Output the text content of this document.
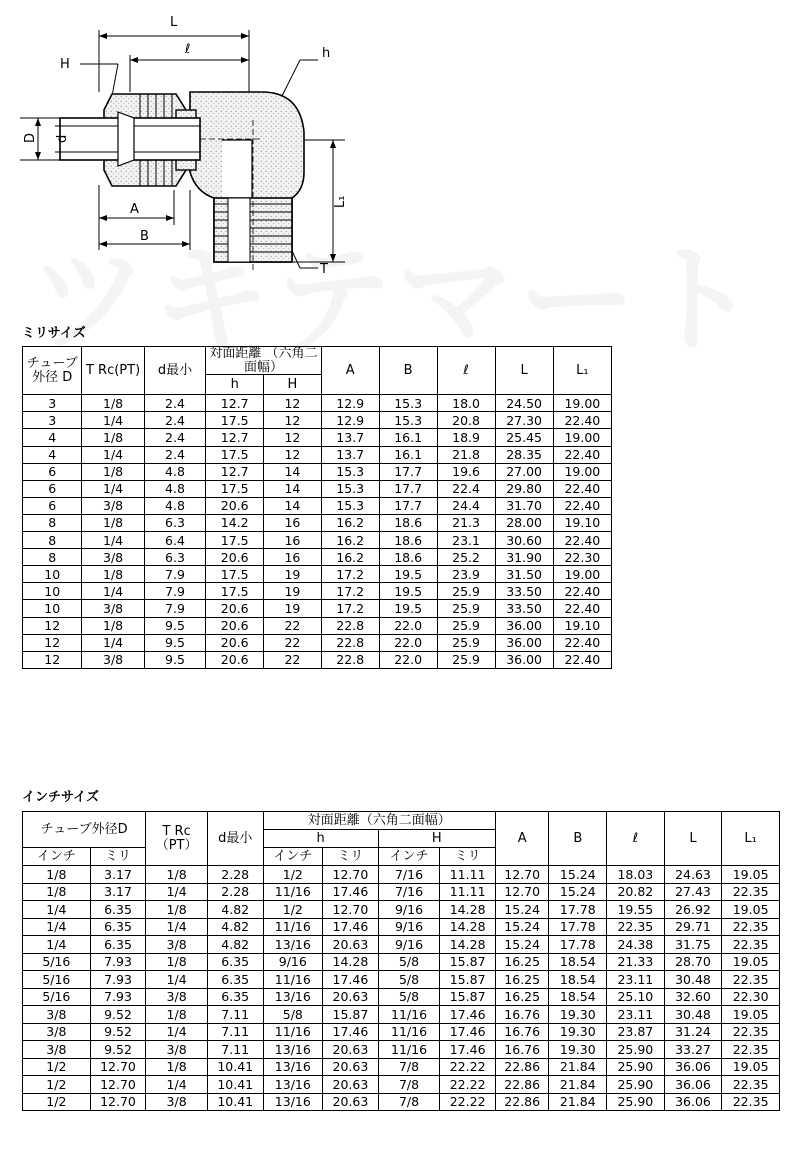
L
ℓ	h
H
D d
A
B
L₁
T
ミリサイズ
チューブ 外径 D	T Rc(PT)	d最小	対面距離 （六角二面幅）		A	B	ℓ	L	L₁
			h	H					
3	1/8	2.4	12.7	12	12.9	15.3	18.0	24.50	19.00
3	1/4	2.4	17.5	12	12.9	15.3	20.8	27.30	22.40
4	1/8	2.4	12.7	12	13.7	16.1	18.9	25.45	19.00
4	1/4	2.4	17.5	12	13.7	16.1	21.8	28.35	22.40
6	1/8	4.8	12.7	14	15.3	17.7	19.6	27.00	19.00
6	1/4	4.8	17.5	14	15.3	17.7	22.4	29.80	22.40
6	3/8	4.8	20.6	14	15.3	17.7	24.4	31.70	22.40
8	1/8	6.3	14.2	16	16.2	18.6	21.3	28.00	19.10
8	1/4	6.4	17.5	16	16.2	18.6	23.1	30.60	22.40
8	3/8	6.3	20.6	16	16.2	18.6	25.2	31.90	22.30
10	1/8	7.9	17.5	19	17.2	19.5	23.9	31.50	19.00
10	1/4	7.9	17.5	19	17.2	19.5	25.9	33.50	22.40
10	3/8	7.9	20.6	19	17.2	19.5	25.9	33.50	22.40
12	1/8	9.5	20.6	22	22.8	22.0	25.9	36.00	19.10
12	1/4	9.5	20.6	22	22.8	22.0	25.9	36.00	22.40
12	3/8	9.5	20.6	22	22.8	22.0	25.9	36.00	22.40
インチサイズ
チューブ外径D		T Rc（PT）	d最小	対面距離（六角二面幅）				A	B	ℓ	L	L₁
				h		H						
インチ	ミリ			インチ	ミリ	インチ	ミリ					
1/8	3.17	1/8	2.28	1/2	12.70	7/16	11.11	12.70	15.24	18.03	24.63	19.05
1/8	3.17	1/4	2.28	11/16	17.46	7/16	11.11	12.70	15.24	20.82	27.43	22.35
1/4	6.35	1/8	4.82	1/2	12.70	9/16	14.28	15.24	17.78	19.55	26.92	19.05
1/4	6.35	1/4	4.82	11/16	17.46	9/16	14.28	15.24	17.78	22.35	29.71	22.35
1/4	6.35	3/8	4.82	13/16	20.63	9/16	14.28	15.24	17.78	24.38	31.75	22.35
5/16	7.93	1/8	6.35	9/16	14.28	5/8	15.87	16.25	18.54	21.33	28.70	19.05
5/16	7.93	1/4	6.35	11/16	17.46	5/8	15.87	16.25	18.54	23.11	30.48	22.35
5/16	7.93	3/8	6.35	13/16	20.63	5/8	15.87	16.25	18.54	25.10	32.60	22.30
3/8	9.52	1/8	7.11	5/8	15.87	11/16	17.46	16.76	19.30	23.11	30.48	19.05
3/8	9.52	1/4	7.11	11/16	17.46	11/16	17.46	16.76	19.30	23.87	31.24	22.35
3/8	9.52	3/8	7.11	13/16	20.63	11/16	17.46	16.76	19.30	25.90	33.27	22.35
1/2	12.70	1/8	10.41	13/16	20.63	7/8	22.22	22.86	21.84	25.90	36.06	19.05
1/2	12.70	1/4	10.41	13/16	20.63	7/8	22.22	22.86	21.84	25.90	36.06	22.35
1/2	12.70	3/8	10.41	13/16	20.63	7/8	22.22	22.86	21.84	25.90	36.06	22.35
